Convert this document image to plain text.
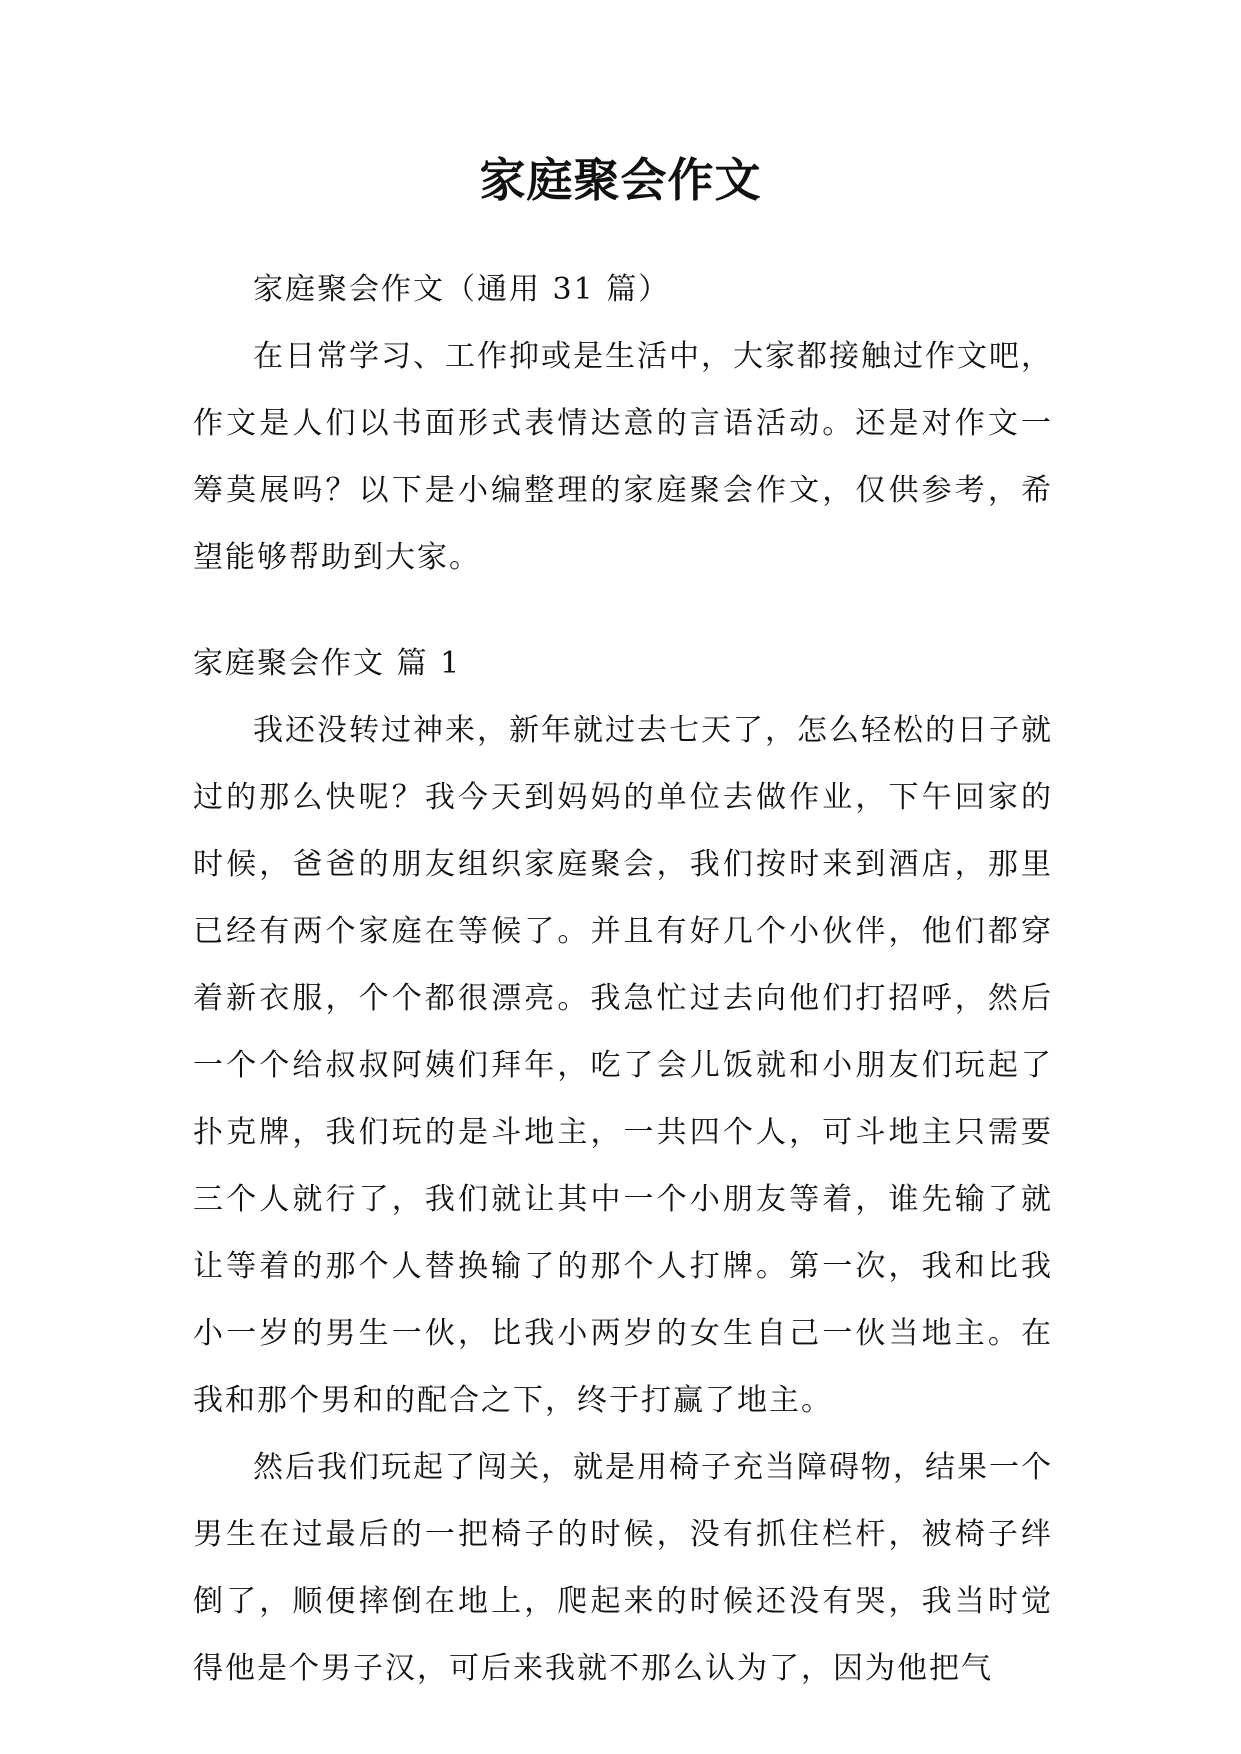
家庭聚会作文

家庭聚会作文（通用 31 篇）

在日常学习、工作抑或是生活中，大家都接触过作文吧，作文是人们以书面形式表情达意的言语活动。还是对作文一筹莫展吗？以下是小编整理的家庭聚会作文，仅供参考，希望能够帮助到大家。

家庭聚会作文 篇 1

我还没转过神来，新年就过去七天了，怎么轻松的日子就过的那么快呢？我今天到妈妈的单位去做作业，下午回家的时候，爸爸的朋友组织家庭聚会，我们按时来到酒店，那里已经有两个家庭在等候了。并且有好几个小伙伴，他们都穿着新衣服，个个都很漂亮。我急忙过去向他们打招呼，然后一个个给叔叔阿姨们拜年，吃了会儿饭就和小朋友们玩起了扑克牌，我们玩的是斗地主，一共四个人，可斗地主只需要三个人就行了，我们就让其中一个小朋友等着，谁先输了就让等着的那个人替换输了的那个人打牌。第一次，我和比我小一岁的男生一伙，比我小两岁的女生自己一伙当地主。在我和那个男和的配合之下，终于打赢了地主。

然后我们玩起了闯关，就是用椅子充当障碍物，结果一个男生在过最后的一把椅子的时候，没有抓住栏杆，被椅子绊倒了，顺便摔倒在地上，爬起来的时候还没有哭，我当时觉得他是个男子汉，可后来我就不那么认为了，因为他把气
